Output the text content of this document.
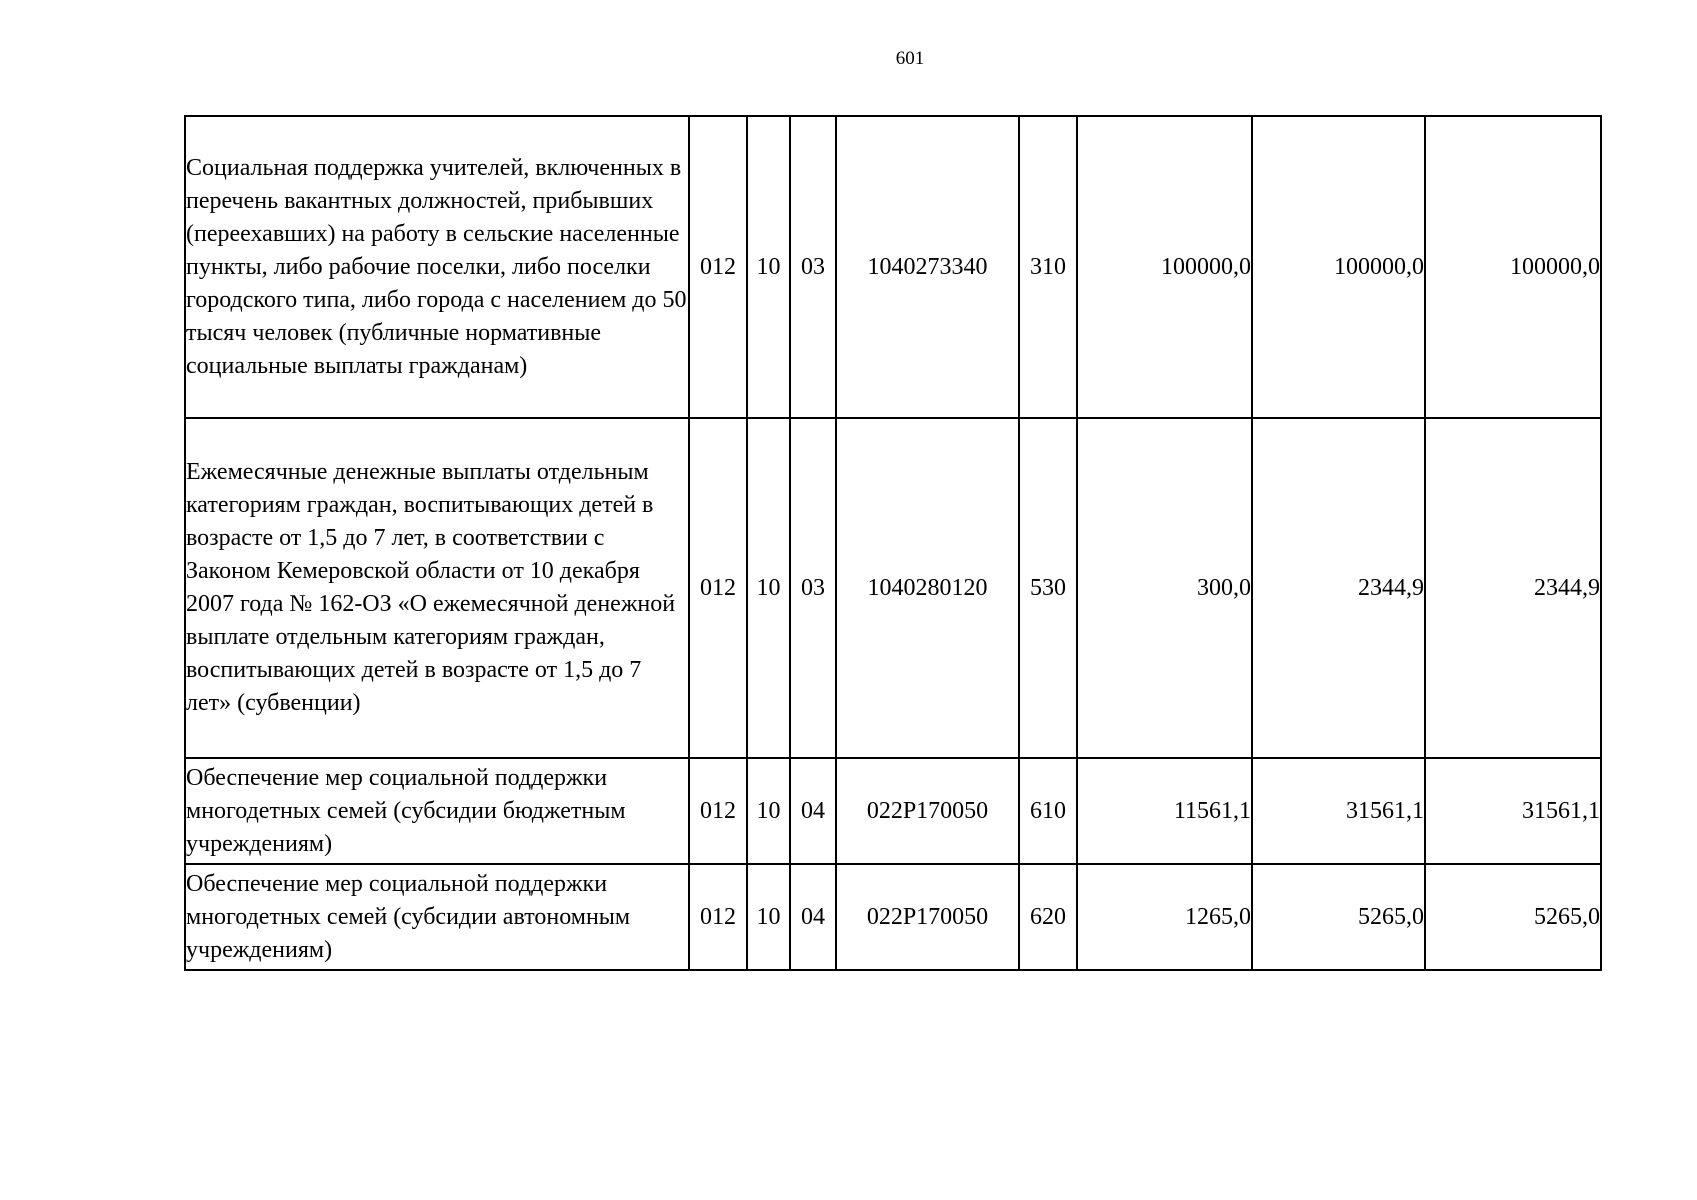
601
Социальная поддержка учителей, включенных в перечень вакантных должностей, прибывших (переехавших) на работу в сельские населенные пункты, либо рабочие поселки, либо поселки городского типа, либо города с населением до 50 тысяч человек (публичные нормативные социальные выплаты гражданам)	012	10	03	1040273340	310	100000,0	100000,0	100000,0
Ежемесячные денежные выплаты отдельным категориям граждан, воспитывающих детей в возрасте от 1,5 до 7 лет, в соответствии с Законом Кемеровской области от 10 декабря 2007 года № 162-ОЗ «О ежемесячной денежной выплате отдельным категориям граждан, воспитывающих детей в возрасте от 1,5 до 7 лет» (субвенции)	012	10	03	1040280120	530	300,0	2344,9	2344,9
Обеспечение мер социальной поддержки многодетных семей (субсидии бюджетным учреждениям)	012	10	04	022P170050	610	11561,1	31561,1	31561,1
Обеспечение мер социальной поддержки многодетных семей (субсидии автономным учреждениям)	012	10	04	022P170050	620	1265,0	5265,0	5265,0
